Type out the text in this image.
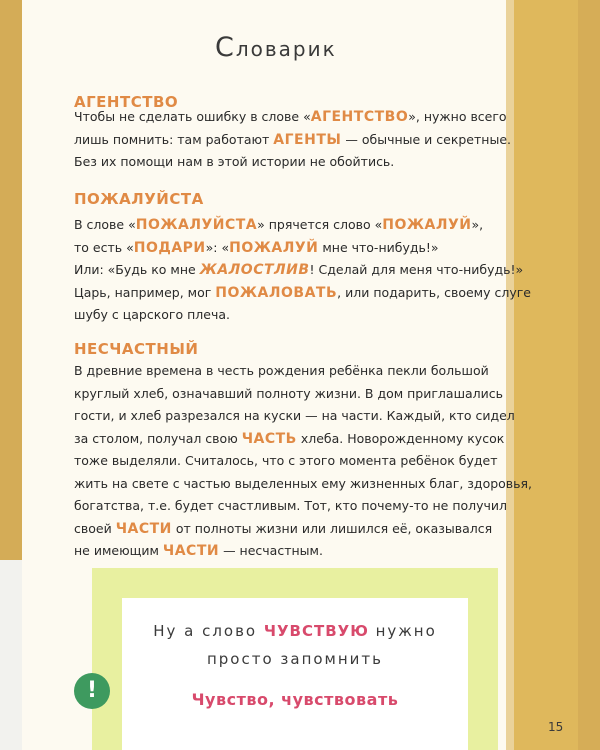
Словарик
АГЕНТСТВО
Чтобы не сделать ошибку в слове «АГЕНТСТВО», нужно всего
лишь помнить: там работают АГЕНТЫ — обычные и секретные.
Без их помощи нам в этой истории не обойтись.
ПОЖАЛУЙСТА
В слове «ПОЖАЛУЙСТА» прячется слово «ПОЖАЛУЙ»,
то есть «ПОДАРИ»: «ПОЖАЛУЙ мне что-нибудь!»
Или: «Будь ко мне ЖАЛОСТЛИВ! Сделай для меня что-нибудь!»
Царь, например, мог ПОЖАЛОВАТЬ, или подарить, своему слуге
шубу с царского плеча.
НЕСЧАСТНЫЙ
В древние времена в честь рождения ребёнка пекли большой
круглый хлеб, означавший полноту жизни. В дом приглашались
гости, и хлеб разрезался на куски — на части. Каждый, кто сидел
за столом, получал свою ЧАСТЬ хлеба. Новорожденному кусок
тоже выделяли. Считалось, что с этого момента ребёнок будет
жить на свете с частью выделенных ему жизненных благ, здоровья,
богатства, т.е. будет счастливым. Тот, кто почему-то не получил
своей ЧАСТИ от полноты жизни или лишился её, оказывался
не имеющим ЧАСТИ — несчастным.
Ну а слово ЧУВСТВУЮ нужно
просто запомнить
Чувство, чувствовать
!
15
